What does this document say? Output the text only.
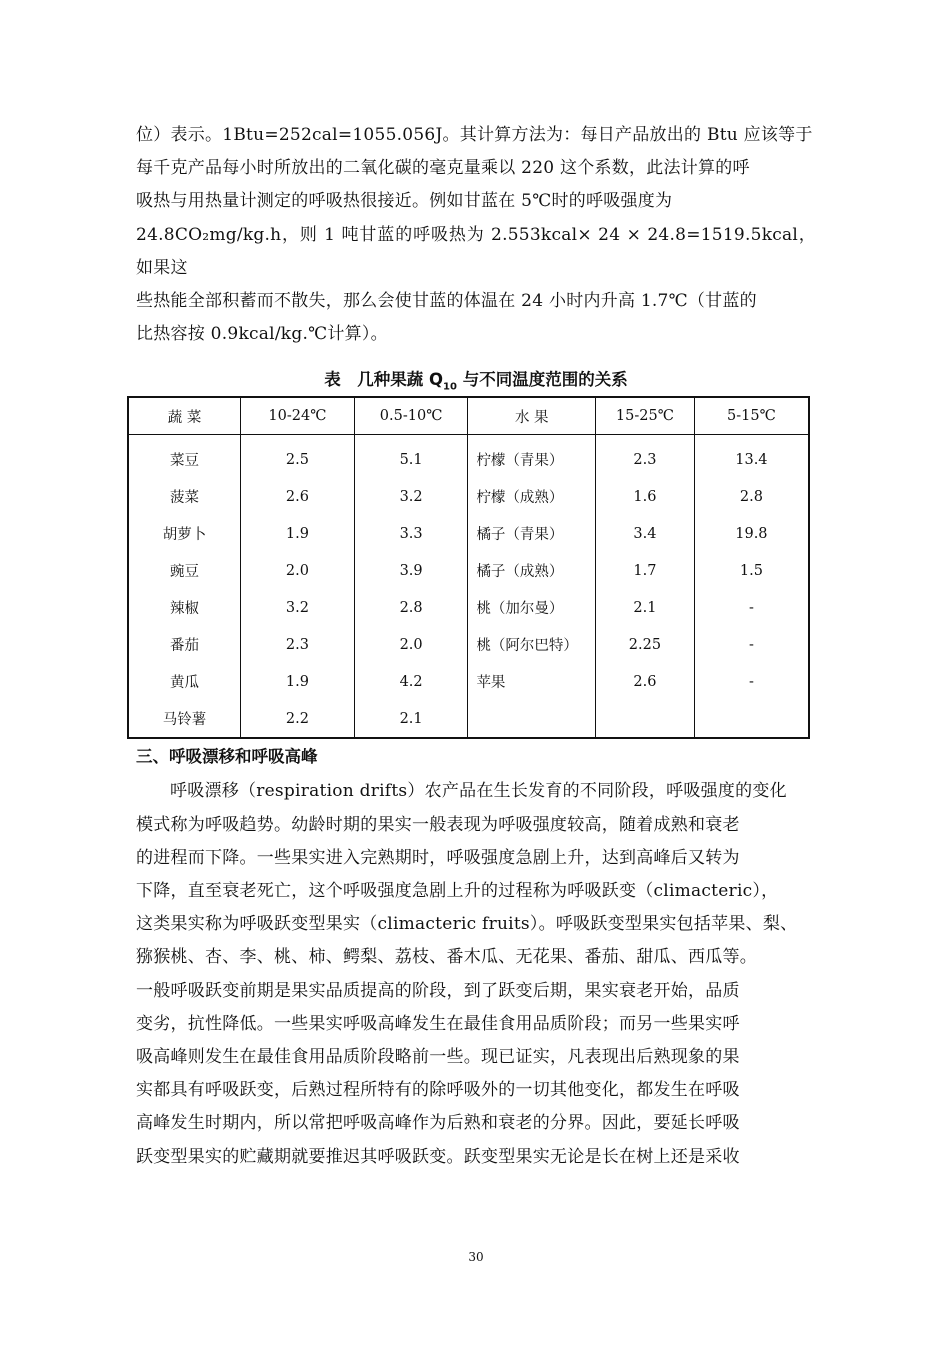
位）表示。1Btu=252cal=1055.056J。其计算方法为：每日产品放出的 Btu 应该等于
每千克产品每小时所放出的二氧化碳的毫克量乘以 220 这个系数，此法计算的呼
吸热与用热量计测定的呼吸热很接近。例如甘蓝在 5℃时的呼吸强度为
24.8CO₂mg/kg.h，则 1 吨甘蓝的呼吸热为 2.553kcal× 24 × 24.8=1519.5kcal，如果这
些热能全部积蓄而不散失，那么会使甘蓝的体温在 24 小时内升高 1.7℃（甘蓝的
比热容按 0.9kcal/kg.℃计算）。

表　几种果蔬 $Q_{10}$ 与不同温度范围的关系
蔬 菜	10-24℃	0.5-10℃	水 果	15-25℃	5-15℃
菜豆	2.5	5.1	柠檬（青果）	2.3	13.4
菠菜	2.6	3.2	柠檬（成熟）	1.6	2.8
胡萝卜	1.9	3.3	橘子（青果）	3.4	19.8
豌豆	2.0	3.9	橘子（成熟）	1.7	1.5
辣椒	3.2	2.8	桃（加尔曼）	2.1	-
番茄	2.3	2.0	桃（阿尔巴特）	2.25	-
黄瓜	1.9	4.2	苹果	2.6	-
马铃薯	2.2	2.1			
三、呼吸漂移和呼吸高峰

呼吸漂移（respiration drifts）农产品在生长发育的不同阶段，呼吸强度的变化
模式称为呼吸趋势。幼龄时期的果实一般表现为呼吸强度较高，随着成熟和衰老
的进程而下降。一些果实进入完熟期时，呼吸强度急剧上升，达到高峰后又转为
下降，直至衰老死亡，这个呼吸强度急剧上升的过程称为呼吸跃变（climacteric），
这类果实称为呼吸跃变型果实（climacteric fruits）。呼吸跃变型果实包括苹果、梨、
猕猴桃、杏、李、桃、柿、鳄梨、荔枝、番木瓜、无花果、番茄、甜瓜、西瓜等。
一般呼吸跃变前期是果实品质提高的阶段，到了跃变后期，果实衰老开始，品质
变劣，抗性降低。一些果实呼吸高峰发生在最佳食用品质阶段；而另一些果实呼
吸高峰则发生在最佳食用品质阶段略前一些。现已证实，凡表现出后熟现象的果
实都具有呼吸跃变，后熟过程所特有的除呼吸外的一切其他变化，都发生在呼吸
高峰发生时期内，所以常把呼吸高峰作为后熟和衰老的分界。因此，要延长呼吸
跃变型果实的贮藏期就要推迟其呼吸跃变。跃变型果实无论是长在树上还是采收

30
